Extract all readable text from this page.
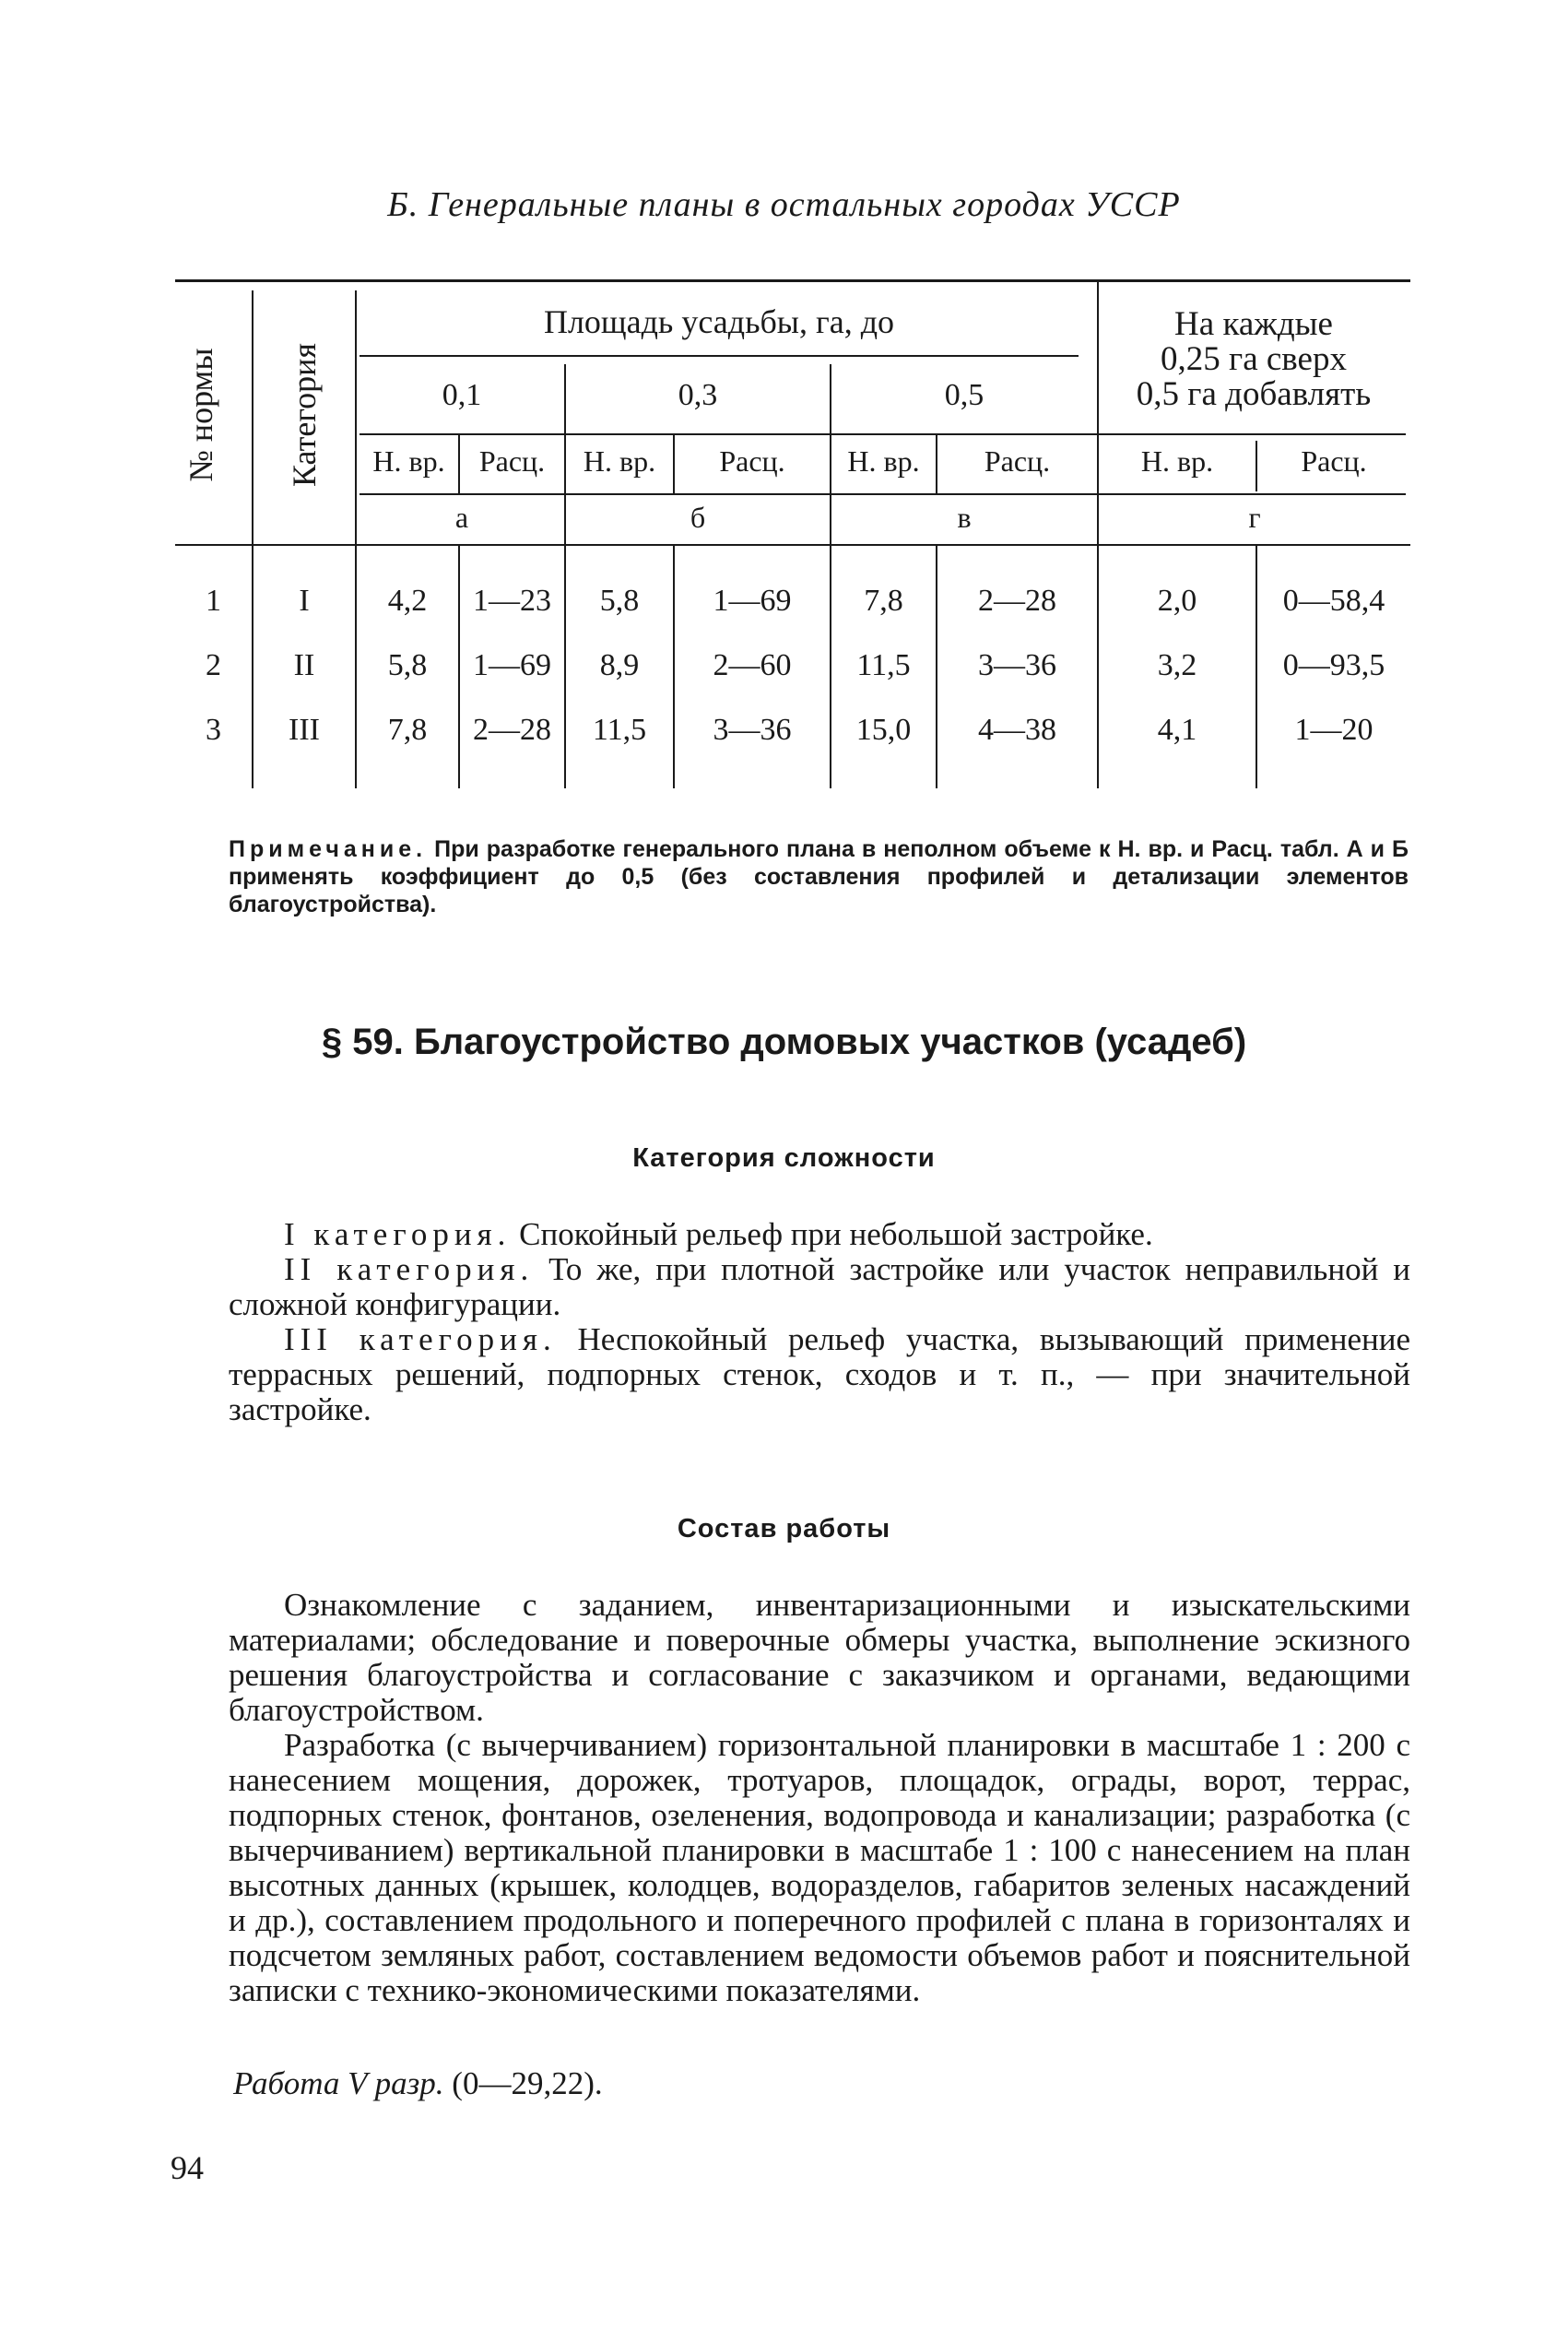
Б. Генеральные планы в остальных городах УССР
№ нормы Категория
Площадь усадьбы, га, до	На каждые
0,25 га сверх
0,5 га добавлять
0,1	0,3	0,5
Н. вр.	Расц.	Н. вр.	Расц.	Н. вр.	Расц.	Н. вр.	Расц.
а	б	в	г
1	I	4,2	1—23	5,8	1—69	7,8	2—28	2,0	0—58,4
2	II	5,8	1—69	8,9	2—60	11,5	3—36	3,2	0—93,5
3	III	7,8	2—28	11,5	3—36	15,0	4—38	4,1	1—20
Примечание. При разработке генерального плана в неполном объеме к Н. вр. и Расц. табл. А и Б применять коэффициент до 0,5 (без составления профилей и детализации элементов благоустройства).
§ 59. Благоустройство домовых участков (усадеб)
Категория сложности

I категория. Спокойный рельеф при небольшой застройке.

II категория. То же, при плотной застройке или участок неправильной и сложной конфигурации.

III категория. Неспокойный рельеф участка, вызывающий применение террасных решений, подпорных стенок, сходов и т. п., — при значительной застройке.

Состав работы

Ознакомление с заданием, инвентаризационными и изыскательскими материалами; обследование и поверочные обмеры участка, выполнение эскизного решения благоустройства и согласование с заказчиком и органами, ведающими благоустройством.

Разработка (с вычерчиванием) горизонтальной планировки в масштабе 1 : 200 с нанесением мощения, дорожек, тротуаров, площадок, ограды, ворот, террас, подпорных стенок, фонтанов, озеленения, водопровода и канализации; разработка (с вычерчиванием) вертикальной планировки в масштабе 1 : 100 с нанесением на план высотных данных (крышек, колодцев, водоразделов, габаритов зеленых насаждений и др.), составлением продольного и поперечного профилей с плана в горизонталях и подсчетом земляных работ, составлением ведомости объемов работ и пояснительной записки с технико-экономическими показателями.

Работа V разр. (0—29,22).
94
